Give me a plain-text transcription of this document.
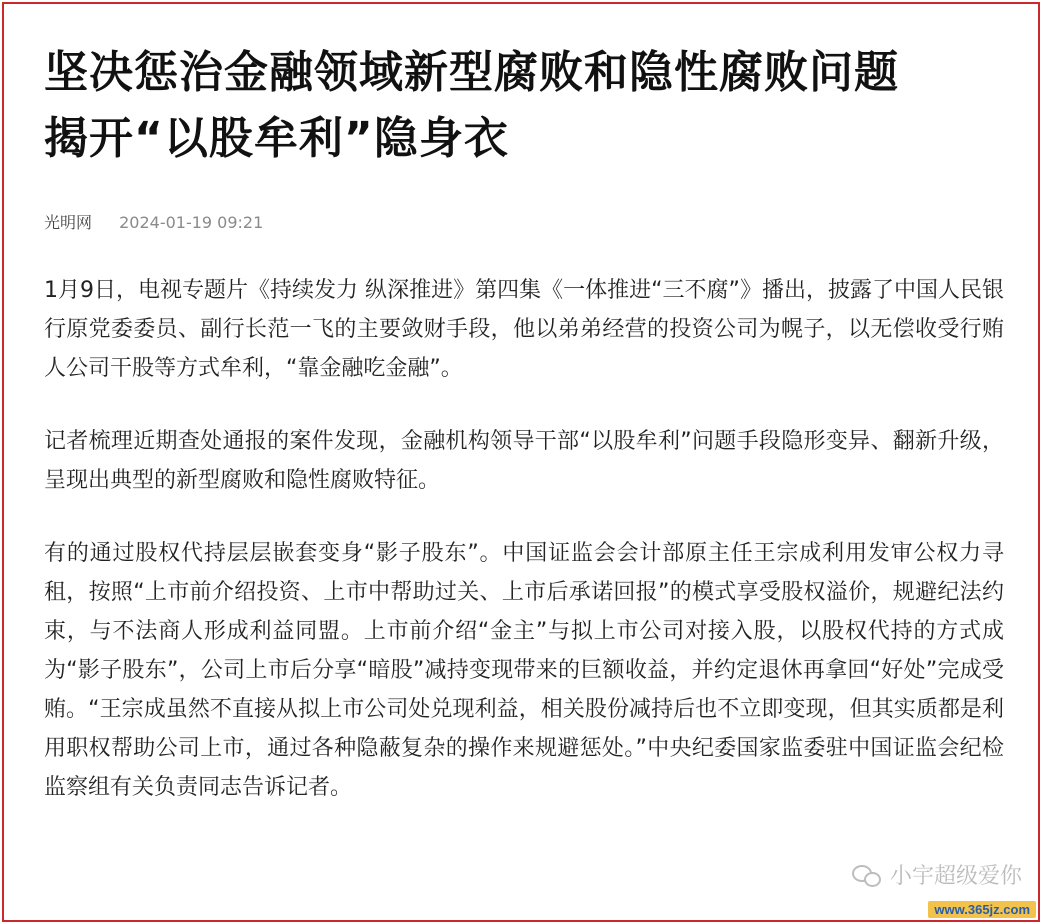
坚决惩治金融领域新型腐败和隐性腐败问题
揭开“以股牟利”隐身衣
光明网 2024-01-19 09:21

1月9日，电视专题片《持续发力 纵深推进》第四集《一体推进“三不腐”》播出，披露了中国人民银行原党委委员、副行长范一飞的主要敛财手段，他以弟弟经营的投资公司为幌子，以无偿收受行贿人公司干股等方式牟利，“靠金融吃金融”。

记者梳理近期查处通报的案件发现，金融机构领导干部“以股牟利”问题手段隐形变异、翻新升级，呈现出典型的新型腐败和隐性腐败特征。

有的通过股权代持层层嵌套变身“影子股东”。中国证监会会计部原主任王宗成利用发审公权力寻租，按照“上市前介绍投资、上市中帮助过关、上市后承诺回报”的模式享受股权溢价，规避纪法约束，与不法商人形成利益同盟。上市前介绍“金主”与拟上市公司对接入股，以股权代持的方式成为“影子股东”，公司上市后分享“暗股”减持变现带来的巨额收益，并约定退休再拿回“好处”完成受贿。“王宗成虽然不直接从拟上市公司处兑现利益，相关股份减持后也不立即变现，但其实质都是利用职权帮助公司上市，通过各种隐蔽复杂的操作来规避惩处。”中央纪委国家监委驻中国证监会纪检监察组有关负责同志告诉记者。

小宇超级爱你
www.365jz.com
